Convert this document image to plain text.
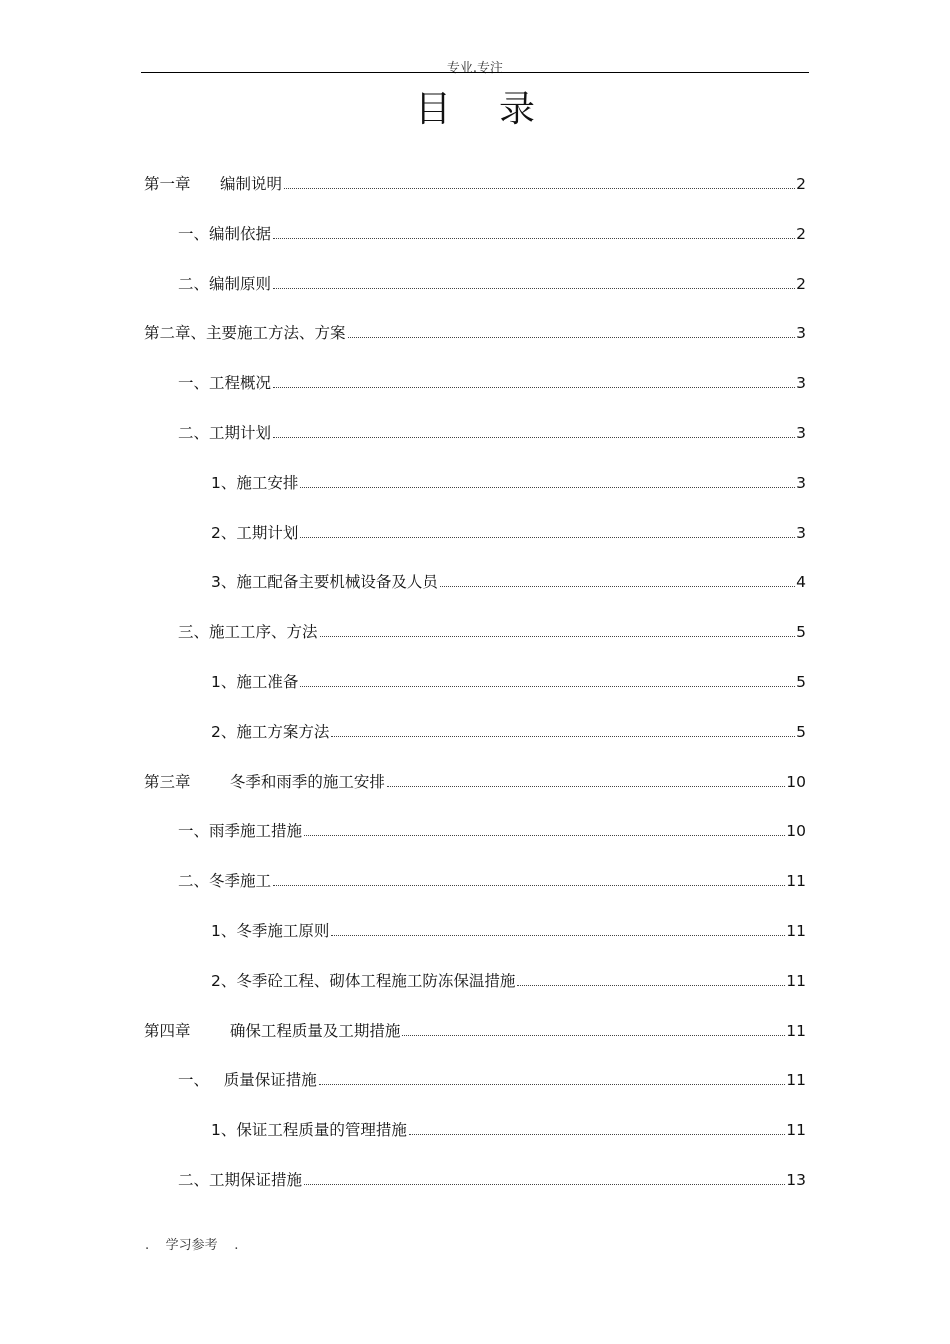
专业.专注
目录
第一章      编制说明	2
一、编制依据	2
二、编制原则	2
第二章、主要施工方法、方案	3
一、工程概况	3
二、工期计划	3
1、施工安排	3
2、工期计划	3
3、施工配备主要机械设备及人员	4
三、施工工序、方法	5
1、施工准备	5
2、施工方案方法	5
第三章        冬季和雨季的施工安排	10
一、雨季施工措施	10
二、冬季施工	11
1、冬季施工原则	11
2、冬季砼工程、砌体工程施工防冻保温措施	11
第四章        确保工程质量及工期措施	11
一、   质量保证措施	11
1、保证工程质量的管理措施	11
二、工期保证措施	13
.    学习参考    .
